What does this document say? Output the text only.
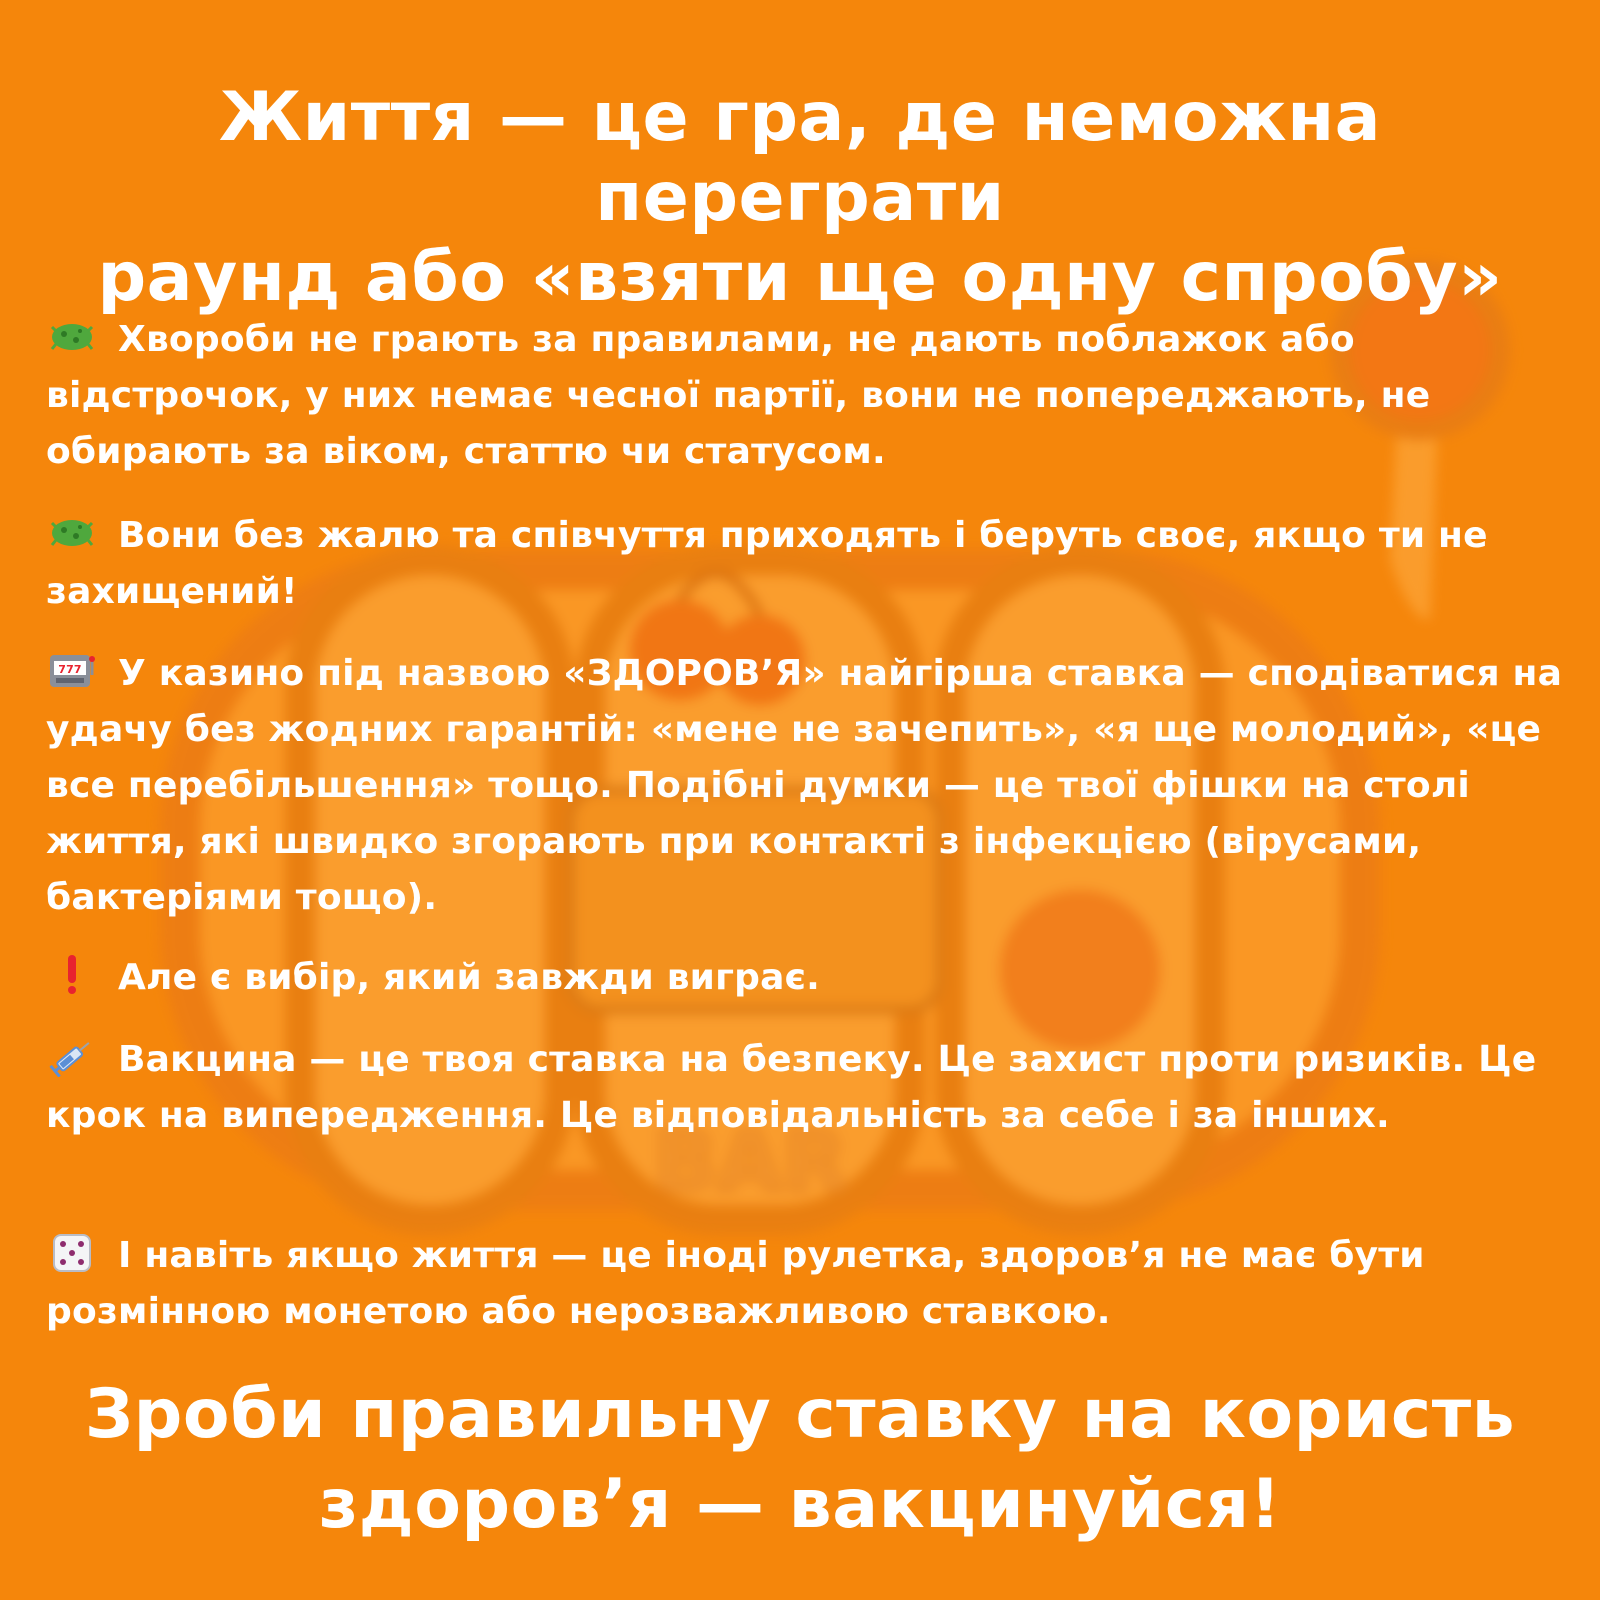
BAR
Життя — це гра, де неможна переграти
раунд або «взяти ще одну спробу»

Хвороби не грають за правилами, не дають поблажок або відстрочок, у них немає чесної партії, вони не попереджають, не обирають за віком, статтю чи статусом.

Вони без жалю та співчуття приходять і беруть своє, якщо ти не захищений!

777 У казино під назвою «ЗДОРОВ’Я» найгірша ставка — сподіватися на удачу без жодних гарантій: «мене не зачепить», «я ще молодий», «це все перебільшення» тощо. Подібні думки — це твої фішки на столі життя, які швидко згорають при контакті з інфекцією (вірусами, бактеріями тощо).

Але є вибір, який завжди виграє.

Вакцина — це твоя ставка на безпеку. Це захист проти ризиків. Це крок на випередження. Це відповідальність за себе і за інших.

І навіть якщо життя — це іноді рулетка, здоров’я не має бути розмінною монетою або нерозважливою ставкою.

Зроби правильну ставку на користь
здоров’я — вакцинуйся!
